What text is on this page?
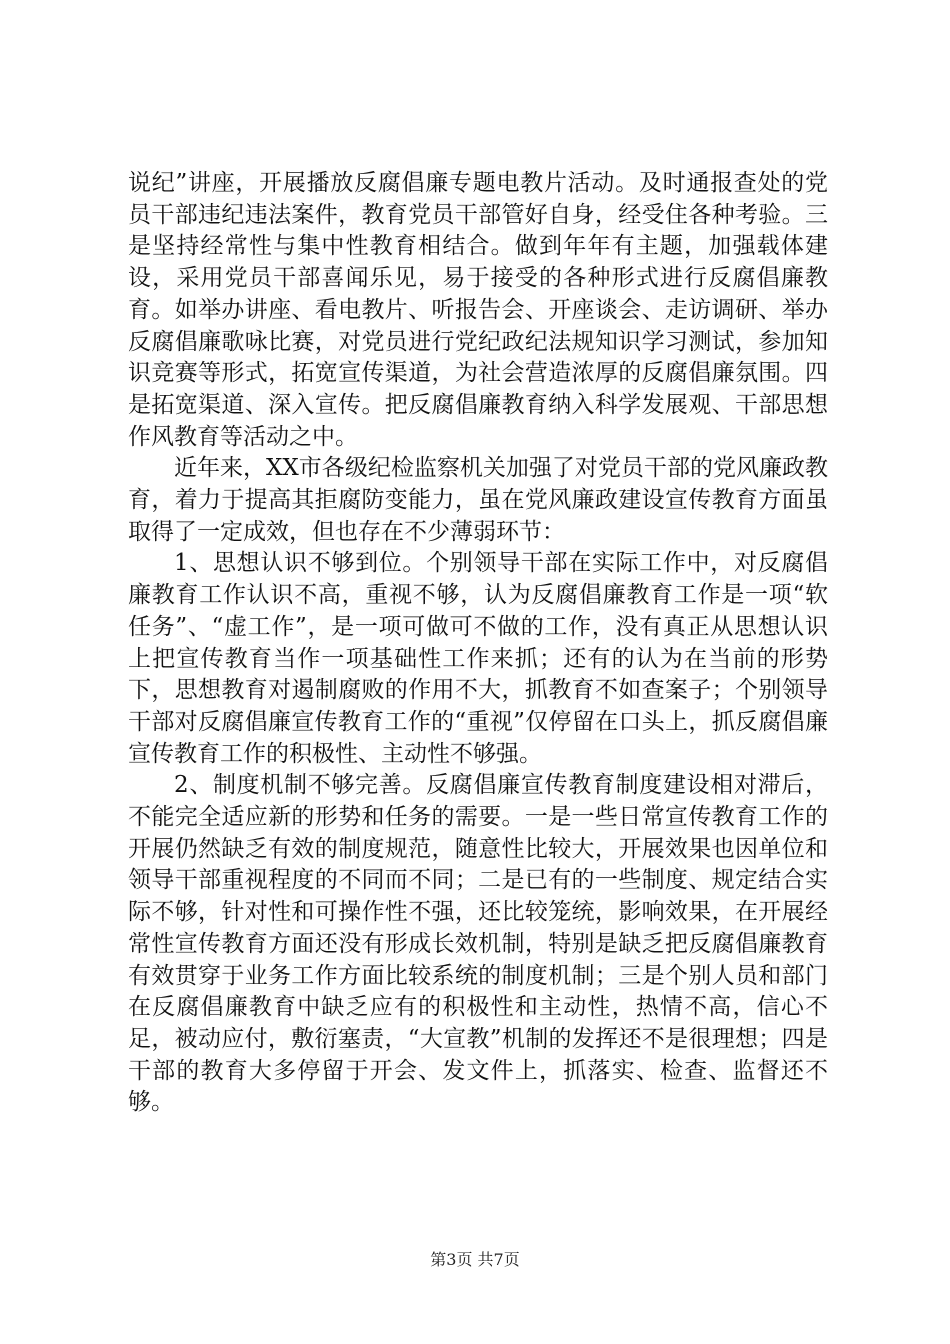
说纪”讲座，开展播放反腐倡廉专题电教片活动。及时通报查处的党员干部违纪违法案件，教育党员干部管好自身，经受住各种考验。三是坚持经常性与集中性教育相结合。做到年年有主题，加强载体建设，采用党员干部喜闻乐见，易于接受的各种形式进行反腐倡廉教育。如举办讲座、看电教片、听报告会、开座谈会、走访调研、举办反腐倡廉歌咏比赛，对党员进行党纪政纪法规知识学习测试，参加知识竞赛等形式，拓宽宣传渠道，为社会营造浓厚的反腐倡廉氛围。四是拓宽渠道、深入宣传。把反腐倡廉教育纳入科学发展观、干部思想作风教育等活动之中。

近年来，XX市各级纪检监察机关加强了对党员干部的党风廉政教育，着力于提高其拒腐防变能力，虽在党风廉政建设宣传教育方面虽取得了一定成效，但也存在不少薄弱环节：

1、思想认识不够到位。个别领导干部在实际工作中，对反腐倡廉教育工作认识不高，重视不够，认为反腐倡廉教育工作是一项“软任务”、“虚工作”，是一项可做可不做的工作，没有真正从思想认识上把宣传教育当作一项基础性工作来抓；还有的认为在当前的形势下，思想教育对遏制腐败的作用不大，抓教育不如查案子；个别领导干部对反腐倡廉宣传教育工作的“重视”仅停留在口头上，抓反腐倡廉宣传教育工作的积极性、主动性不够强。

2、制度机制不够完善。反腐倡廉宣传教育制度建设相对滞后，不能完全适应新的形势和任务的需要。一是一些日常宣传教育工作的开展仍然缺乏有效的制度规范，随意性比较大，开展效果也因单位和领导干部重视程度的不同而不同；二是已有的一些制度、规定结合实际不够，针对性和可操作性不强，还比较笼统，影响效果，在开展经常性宣传教育方面还没有形成长效机制，特别是缺乏把反腐倡廉教育有效贯穿于业务工作方面比较系统的制度机制；三是个别人员和部门在反腐倡廉教育中缺乏应有的积极性和主动性，热情不高，信心不足，被动应付，敷衍塞责，“大宣教”机制的发挥还不是很理想；四是干部的教育大多停留于开会、发文件上，抓落实、检查、监督还不够。

第3页 共7页
